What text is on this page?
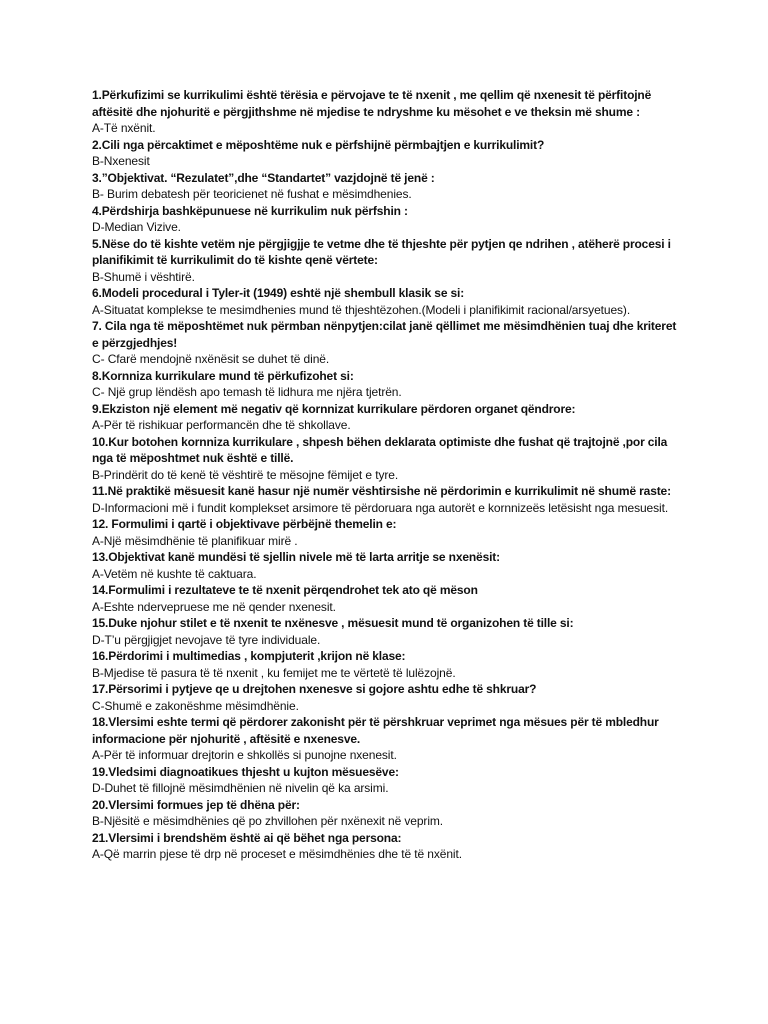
1.Përkufizimi se kurrikulimi është tërësia e përvojave te të nxenit , me qellim që nxenesit të përfitojnë aftësitë dhe njohuritë e përgjithshme në mjedise te ndryshme ku mësohet e ve theksin më shume :

A-Të nxënit.

2.Cili nga përcaktimet e mëposhtëme nuk e përfshijnë përmbajtjen e kurrikulimit?

B-Nxenesit

3.”Objektivat. “Rezulatet”,dhe “Standartet” vazjdojnë të jenë :

B- Burim debatesh për teoricienet në fushat e mësimdhenies.

4.Përdshirja bashkëpunuese në kurrikulim nuk përfshin :

D-Median Vizive.

5.Nëse do të kishte vetëm nje përgjigjje te vetme dhe të thjeshte për pytjen qe ndrihen , atëherë procesi i planifikimit të kurrikulimit do të kishte qenë vërtete:

B-Shumë i vështirë.

6.Modeli procedural i Tyler-it (1949) eshtë një shembull klasik se si:

A-Situatat komplekse te mesimdhenies mund të thjeshtëzohen.(Modeli i planifikimit racional/arsyetues).

7. Cila nga të mëposhtëmet nuk përmban nënpytjen:cilat janë qëllimet me mësimdhënien tuaj dhe kriteret e përzgjedhjes!

C- Cfarë mendojnë nxënësit se duhet të dinë.

8.Kornniza kurrikulare mund të përkufizohet si:

C- Një grup lëndësh apo temash të lidhura me njëra tjetrën.

9.Ekziston një element më negativ që kornnizat kurrikulare përdoren organet qëndrore:

A-Për të rishikuar performancën dhe të shkollave.

10.Kur botohen kornniza kurrikulare , shpesh bëhen deklarata optimiste dhe fushat që trajtojnë ,por cila nga të mëposhtmet nuk është e tillë.

B-Prindërit do të kenë të vështirë te mësojne fëmijet e tyre.

11.Në praktikë mësuesit kanë hasur një numër vështirsishe në përdorimin e kurrikulimit në shumë raste:

D-Informacioni më i fundit komplekset arsimore të përdoruara nga autorët e kornnizeës letësisht nga mesuesit.

12. Formulimi i qartë i objektivave përbëjnë themelin e:

A-Një mësimdhënie të planifikuar mirë .

13.Objektivat kanë mundësi të sjellin nivele më të larta arritje se nxenësit:

A-Vetëm në kushte të caktuara.

14.Formulimi i rezultateve te të nxenit përqendrohet tek ato që mëson

A-Eshte ndervepruese me në qender nxenesit.

15.Duke njohur stilet e të nxenit te nxënesve , mësuesit mund të organizohen të tille si:

D-T’u përgjigjet nevojave të tyre individuale.

16.Përdorimi i multimedias , kompjuterit ,krijon në klase:

B-Mjedise të pasura të të nxenit , ku femijet me te vërtetë të lulëzojnë.

17.Përsorimi i pytjeve qe u drejtohen nxenesve si gojore ashtu edhe të shkruar?

C-Shumë e zakonëshme mësimdhënie.

18.Vlersimi eshte termi që përdorer zakonisht për të përshkruar veprimet nga mësues për të mbledhur informacione për njohuritë , aftësitë e nxenesve.

A-Për të informuar drejtorin e shkollës si punojne nxenesit.

19.Vledsimi diagnoatikues thjesht u kujton mësuesëve:

D-Duhet të fillojnë mësimdhënien në nivelin që ka arsimi.

20.Vlersimi formues jep të dhëna për:

B-Njësitë e mësimdhënies që po zhvillohen për nxënexit në veprim.

21.Vlersimi i brendshëm është ai që bëhet nga persona:

A-Që marrin pjese të drp në proceset e mësimdhënies dhe të të nxënit.
